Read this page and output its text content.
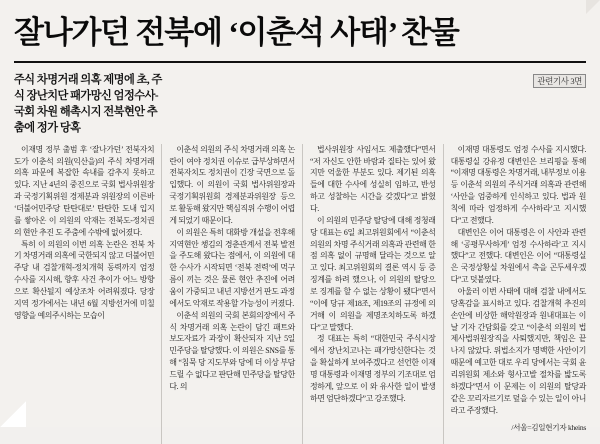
잘나가던 전북에 ‘이춘석 사태’ 찬물
주식 차명거래 의혹 제명에 초, 주식 장난치단 패가망신 엄정수사-국회 차원 해촉시지 전북현안 추춤에 정가 당혹
관련기사 3면

이재명 정부 출범 후 ‘잘나가던’ 전북자치도가 이춘석 의원(익산을)의 주식 차명거래 의혹 파문에 복잡한 속내를 감추지 못하고 있다. 지난 4년의 중진으로 국회 법사위원장과 국정기획위원 경제분과 위원장의 이른바 ‘더불어민주당 탄탄대로’ 탄탄한 도내 입지를 쌓아온 이 의원의 악재는 전북도-정치권의 현안 추진 도 주춤에 수밖에 없어졌다.

특히 이 의원의 이번 의혹 논란은 전북 차기 차명거래 의혹에 국한되지 않고 더불어민주당 내 검찰개혁-정치개혁 동력까지 엄정 수사를 지시해, 향후 사건 추이가 어느 방향으로 확산될지 예상조차 어려워졌다. 당장 지역 정가에서는 내년 6월 지방선거에 미칠 영향을 예의주시하는 모습이

이춘석 의원의 주식 차명거래 의혹 논란이 여야 정치권 이슈로 급부상하면서 전북자치도 정치권이 긴장 국면으로 돌입했다. 이 의원이 국회 법사위원장과 국정기획위원회 경제분과위원장 등으로 활동해 왔지만 핵심직위 수행이 어렵게 되었기 때문이다.

이 의원은 특히 대화방 개설을 전후해 지역현안 챙김의 경춘관계서 전북 발전을 주도해 왔다는 점에서, 이 의원에 대한 수사가 시작되면 ‘전북 전력’에 먹구름이 끼는 것은 물론 현안 추진에 어려움이 가중되고 내년 지방선거 판도 과정에서도 악재로 작용할 가능성이 커졌다.

이춘석 의원의 국회 본회의장에서 주식 차명거래 의혹 논란이 담긴 패트와 보도자료가 과장이 확산되자 지난 5일 민주당을 탈당했다. 이 의원은 SNS를 통해 “침묵 당 지도부와 당에 더 이상 부담드릴 수 없다고 판단해 민주당을 탈당한다. 의

법사위원장 사임서도 제출했다”면서 “저 자신도 안한 바람과 질타는 있어 왔지만 억울한 부분도 있다. 제기된 의혹들에 대한 수사에 성실히 임하고, 반성하고 성찰하는 시간을 갖겠다”고 밝혔다.

이 의원의 민주당 탈당에 대해 정청래 당 대표는 6일 최고위원회에서 “이춘석 의원의 차명 주식거래 의혹과 관련해 한 점 의혹 없이 규명해 달라는 것으로 알고 있다. 최고위원회의 결론 역시 등 증징계를 하려 했으나, 이 의원의 탈당으로 징계를 할 수 없는 상황이 됐다”면서 “이에 당규 제18조, 제19조의 규정에 의거해 이 의원을 제명조치하도록 하겠다”고 말했다.

정 대표는 특히 “대한민국 주식시장에서 장난치고나는 패가망신한다는 것을 확실하게 보여주겠다고 선언한 이재명 대통령과 이재명 정부의 기조대로 엄정하게, 앞으로 이 와 유사한 일이 발생하면 엄단하겠다”고 강조했다.

이재명 대통령도 엄정 수사를 지시했다. 대통령실 강유정 대변인은 브리핑을 통해 “이재명 대통령은 차명거래, 내부정보 이용 등 이춘석 의원의 주식거래 의혹과 관련해 ‘사안을 엄중하게 인식하고 있다. 법과 원칙에 따라 엄정하게 수사하라’고 지시했다”고 전했다.

대변인은 이어 대통령은 이 사안과 관련해 ‘공평무사하게’ 엄정 수사하라’고 지시했다”고 전했다. 대변인은 이어 “대통령실은 국정상황실 차원에서 촉을 곤두세우겠다”고 덧붙였다.

아울러 이번 사태에 대해 검찰 내에서도 당혹감을 표시하고 있다. 검찰개혁 추진의 손안에 비상한 해악원장과 원내대표는 이날 기자 간담회를 갖고 “이춘석 의원의 법제사법위원장직을 사퇴했지만, 책임은 끝나지 않았다. 위법소지가 명백한 사안이기 때문에 예고한 대로 우리 당에서는 국회 윤리위원회 제소와 형사고발 절차를 밟도록 하겠다”면서 이 문제는 이 의원의 탈당과 같은 꼬리자르기로 덮을 수 있는 일이 아니라고 주장했다.

/서울=김일현기자 kheins
